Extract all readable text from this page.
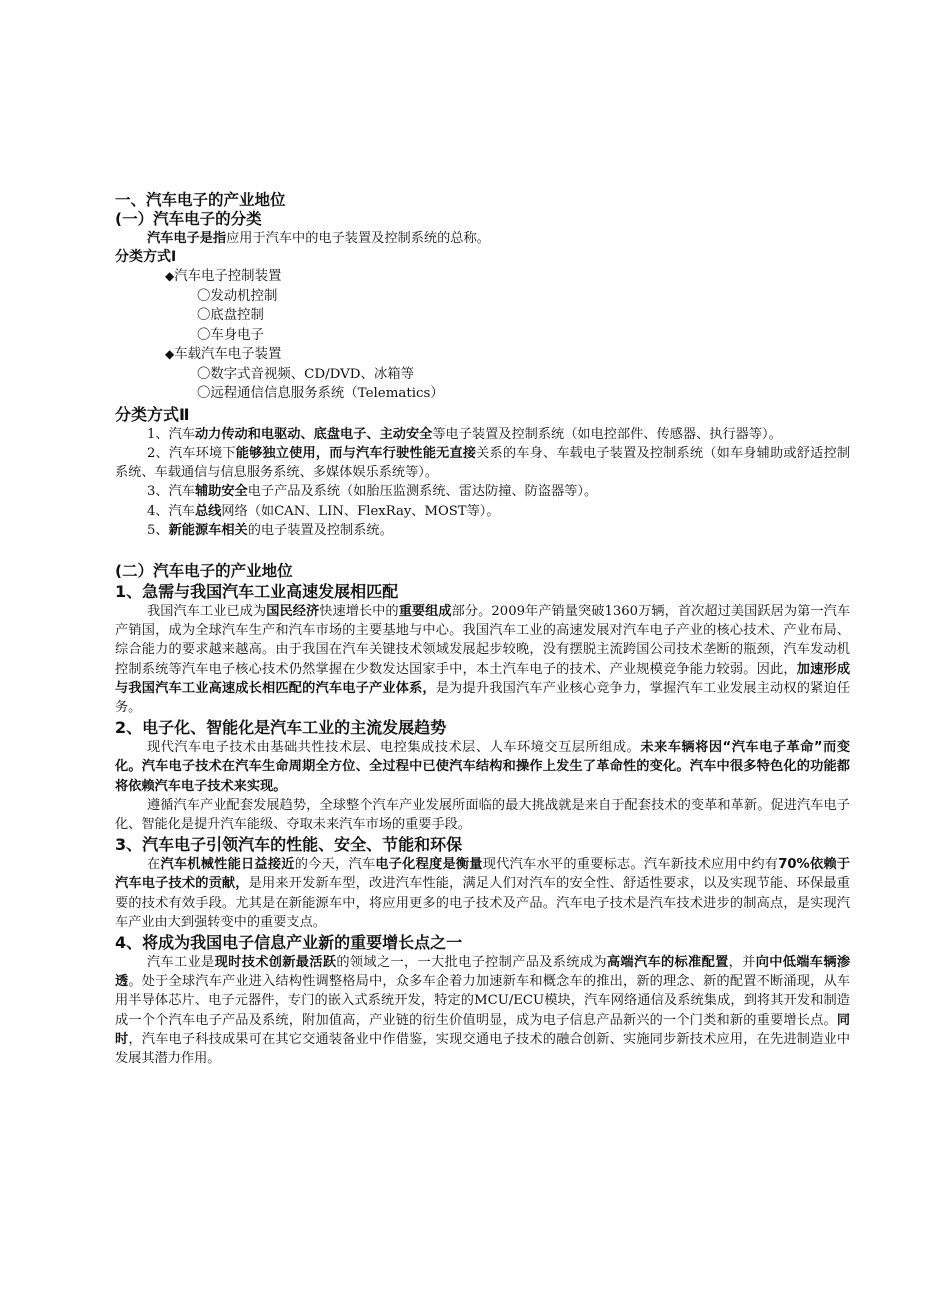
一、汽车电子的产业地位

(一）汽车电子的分类

汽车电子是指应用于汽车中的电子装置及控制系统的总称。

分类方式Ⅰ

◆汽车电子控制装置

〇发动机控制

〇底盘控制

〇车身电子

◆车载汽车电子装置

〇数字式音视频、CD/DVD、冰箱等

〇远程通信信息服务系统（Telematics）

分类方式Ⅱ

1、汽车动力传动和电驱动、底盘电子、主动安全等电子装置及控制系统（如电控部件、传感器、执行器等）。

2、汽车环境下能够独立使用，而与汽车行驶性能无直接关系的车身、车载电子装置及控制系统（如车身辅助或舒适控制系统、车载通信与信息服务系统、多媒体娱乐系统等）。

3、汽车辅助安全电子产品及系统（如胎压监测系统、雷达防撞、防盗器等）。

4、汽车总线网络（如CAN、LIN、FlexRay、MOST等）。

5、新能源车相关的电子装置及控制系统。

(二）汽车电子的产业地位

1、急需与我国汽车工业高速发展相匹配

我国汽车工业已成为国民经济快速增长中的重要组成部分。2009年产销量突破1360万辆，首次超过美国跃居为第一汽车产销国，成为全球汽车生产和汽车市场的主要基地与中心。我国汽车工业的高速发展对汽车电子产业的核心技术、产业布局、综合能力的要求越来越高。由于我国在汽车关键技术领域发展起步较晚，没有摆脱主流跨国公司技术垄断的瓶颈，汽车发动机控制系统等汽车电子核心技术仍然掌握在少数发达国家手中，本土汽车电子的技术、产业规模竞争能力较弱。因此，加速形成与我国汽车工业高速成长相匹配的汽车电子产业体系，是为提升我国汽车产业核心竞争力，掌握汽车工业发展主动权的紧迫任务。

2、电子化、智能化是汽车工业的主流发展趋势

现代汽车电子技术由基础共性技术层、电控集成技术层、人车环境交互层所组成。未来车辆将因“汽车电子革命”而变化。汽车电子技术在汽车生命周期全方位、全过程中已使汽车结构和操作上发生了革命性的变化。汽车中很多特色化的功能都将依赖汽车电子技术来实现。

遵循汽车产业配套发展趋势，全球整个汽车产业发展所面临的最大挑战就是来自于配套技术的变革和革新。促进汽车电子化、智能化是提升汽车能级、夺取未来汽车市场的重要手段。

3、汽车电子引领汽车的性能、安全、节能和环保

在汽车机械性能日益接近的今天，汽车电子化程度是衡量现代汽车水平的重要标志。汽车新技术应用中约有70%依赖于汽车电子技术的贡献，是用来开发新车型，改进汽车性能，满足人们对汽车的安全性、舒适性要求，以及实现节能、环保最重要的技术有效手段。尤其是在新能源车中，将应用更多的电子技术及产品。汽车电子技术是汽车技术进步的制高点，是实现汽车产业由大到强转变中的重要支点。

4、将成为我国电子信息产业新的重要增长点之一

汽车工业是现时技术创新最活跃的领域之一，一大批电子控制产品及系统成为高端汽车的标准配置，并向中低端车辆渗透。处于全球汽车产业进入结构性调整格局中，众多车企着力加速新车和概念车的推出，新的理念、新的配置不断涌现，从车用半导体芯片、电子元器件，专门的嵌入式系统开发，特定的MCU/ECU模块，汽车网络通信及系统集成，到将其开发和制造成一个个汽车电子产品及系统，附加值高，产业链的衍生价值明显，成为电子信息产品新兴的一个门类和新的重要增长点。同时，汽车电子科技成果可在其它交通装备业中作借鉴，实现交通电子技术的融合创新、实施同步新技术应用，在先进制造业中发展其潜力作用。
